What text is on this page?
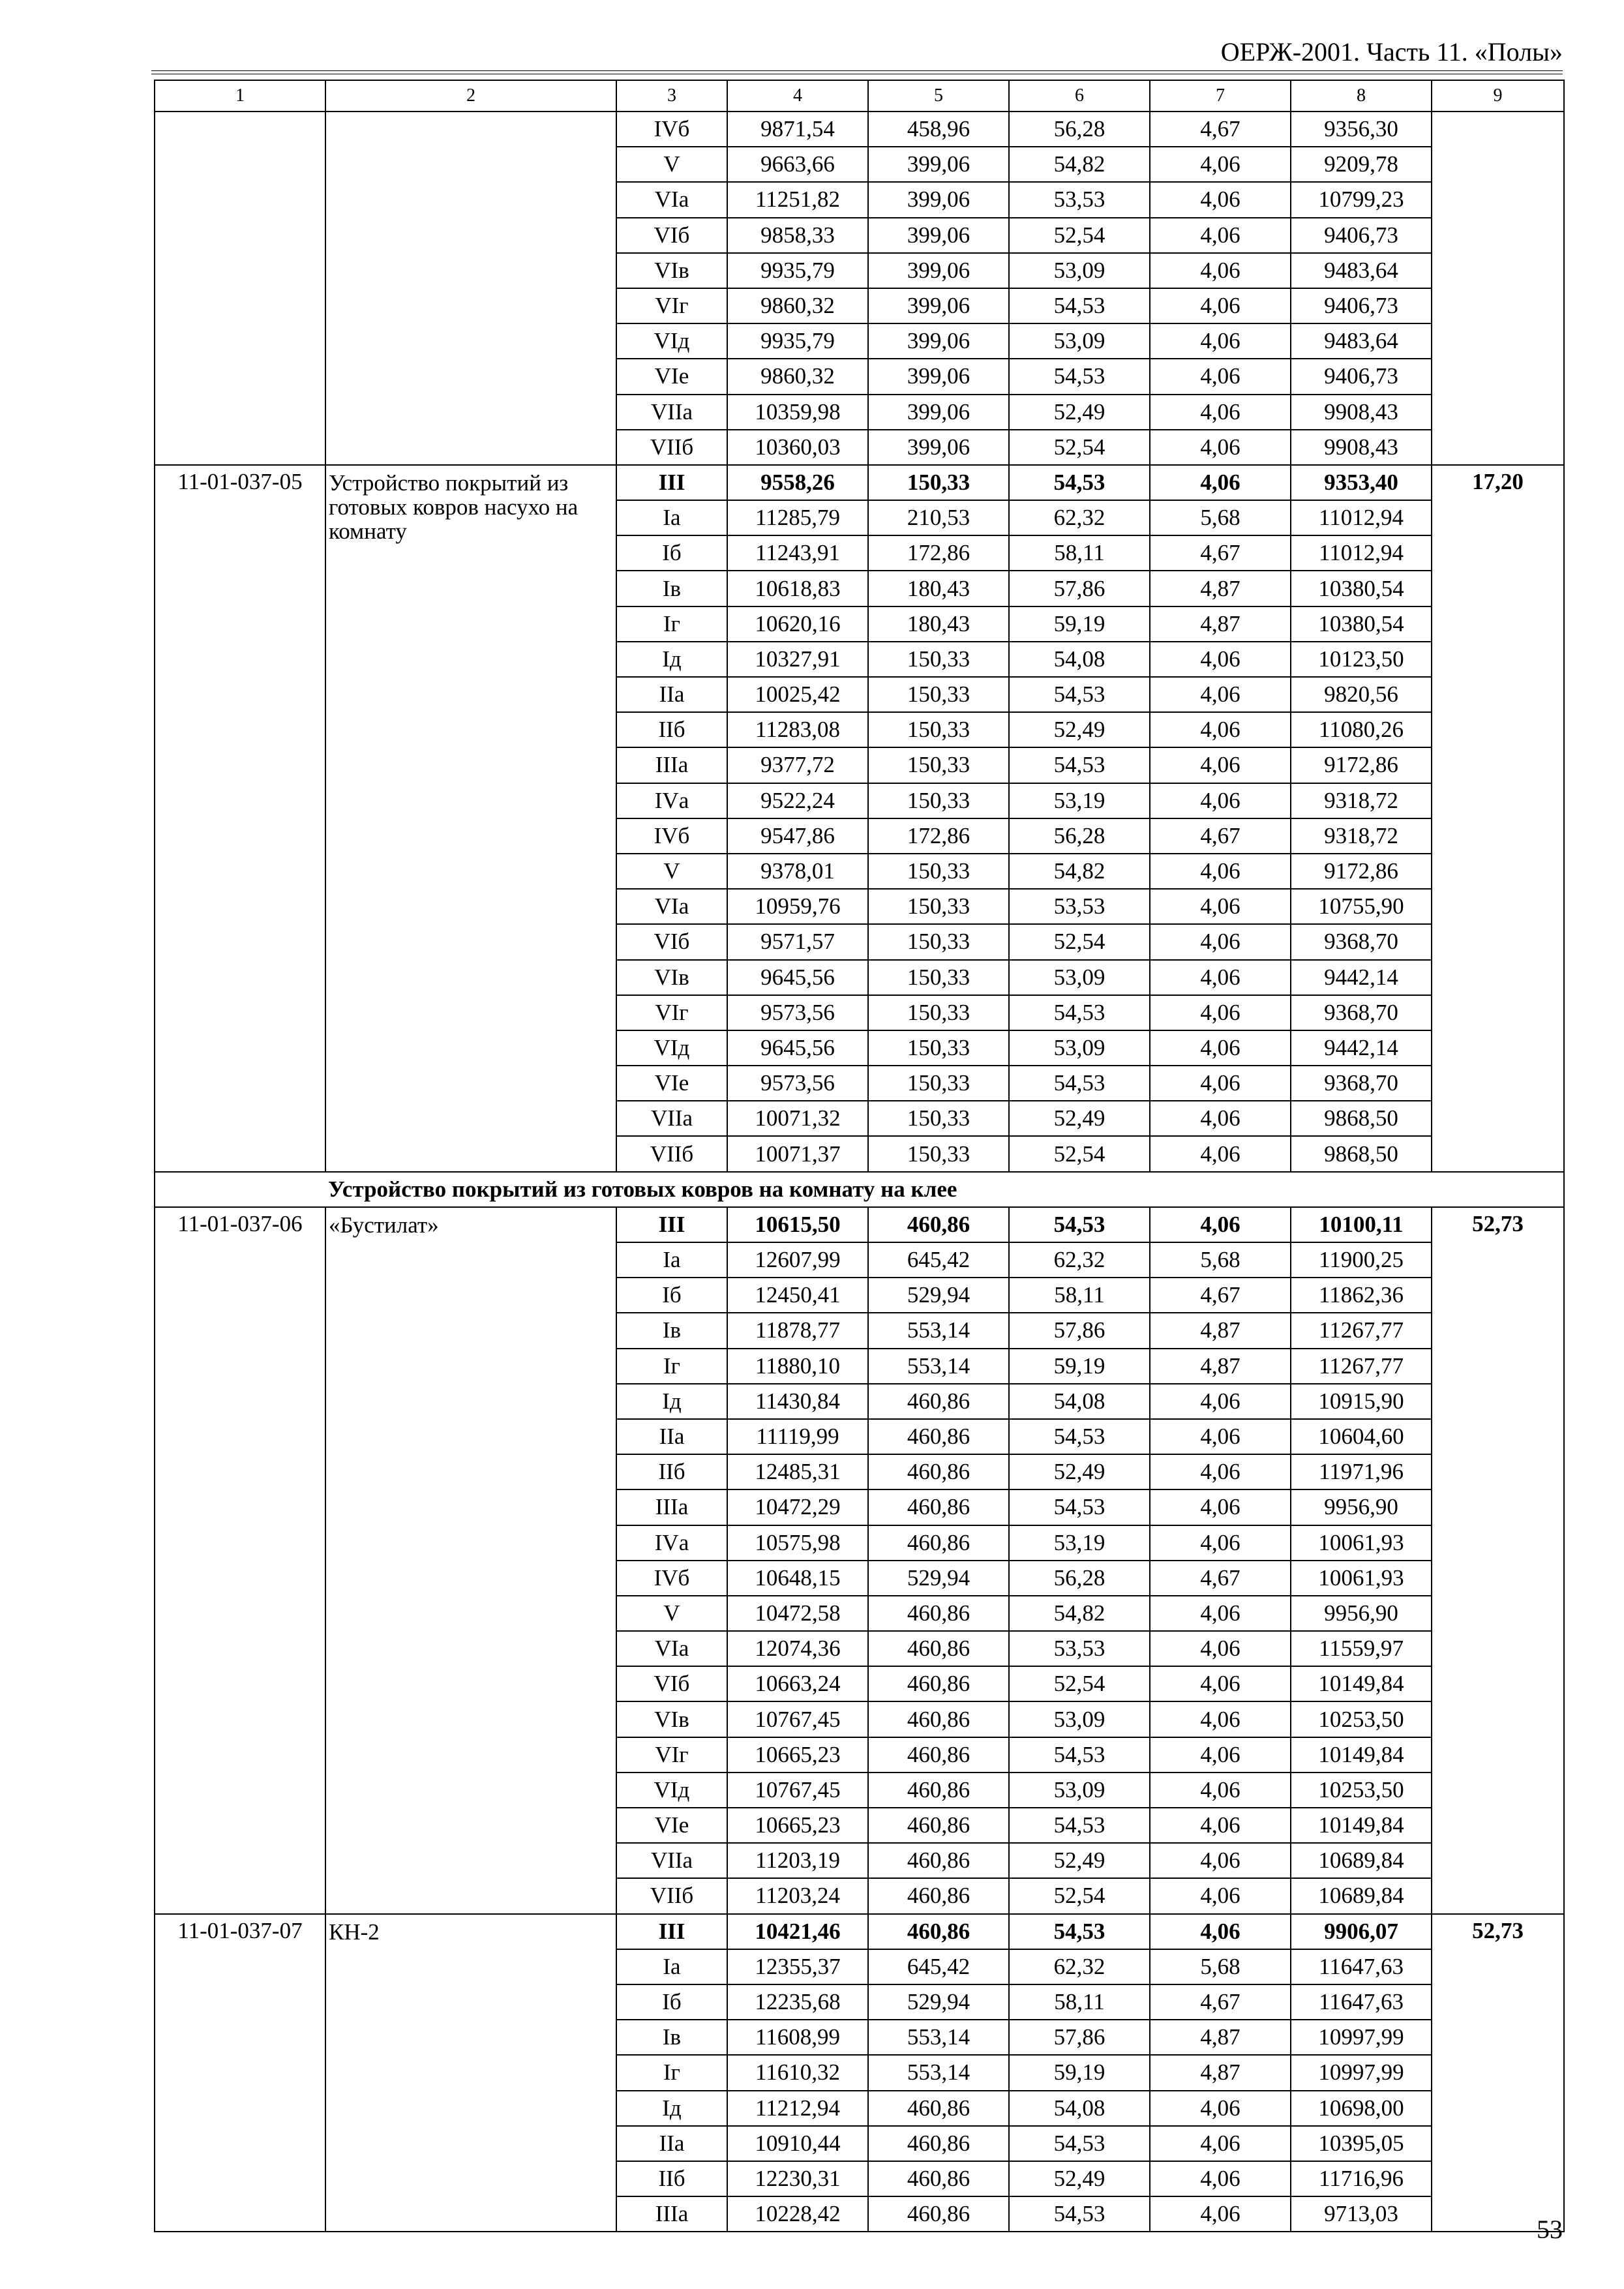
ОЕРЖ-2001. Часть 11. «Полы»
1	2	3	4	5	6	7	8	9
		IVб	9871,54	458,96	56,28	4,67	9356,30	
		V	9663,66	399,06	54,82	4,06	9209,78	
		VIа	11251,82	399,06	53,53	4,06	10799,23	
		VIб	9858,33	399,06	52,54	4,06	9406,73	
		VIв	9935,79	399,06	53,09	4,06	9483,64	
		VIг	9860,32	399,06	54,53	4,06	9406,73	
		VIд	9935,79	399,06	53,09	4,06	9483,64	
		VIе	9860,32	399,06	54,53	4,06	9406,73	
		VIIа	10359,98	399,06	52,49	4,06	9908,43	
		VIIб	10360,03	399,06	52,54	4,06	9908,43	
11-01-037-05	Устройство покрытий из готовых ковров насухо на комнату	III	9558,26	150,33	54,53	4,06	9353,40	17,20
		Iа	11285,79	210,53	62,32	5,68	11012,94	
		Iб	11243,91	172,86	58,11	4,67	11012,94	
		Iв	10618,83	180,43	57,86	4,87	10380,54	
		Iг	10620,16	180,43	59,19	4,87	10380,54	
		Iд	10327,91	150,33	54,08	4,06	10123,50	
		IIа	10025,42	150,33	54,53	4,06	9820,56	
		IIб	11283,08	150,33	52,49	4,06	11080,26	
		IIIа	9377,72	150,33	54,53	4,06	9172,86	
		IVа	9522,24	150,33	53,19	4,06	9318,72	
		IVб	9547,86	172,86	56,28	4,67	9318,72	
		V	9378,01	150,33	54,82	4,06	9172,86	
		VIа	10959,76	150,33	53,53	4,06	10755,90	
		VIб	9571,57	150,33	52,54	4,06	9368,70	
		VIв	9645,56	150,33	53,09	4,06	9442,14	
		VIг	9573,56	150,33	54,53	4,06	9368,70	
		VIд	9645,56	150,33	53,09	4,06	9442,14	
		VIе	9573,56	150,33	54,53	4,06	9368,70	
		VIIа	10071,32	150,33	52,49	4,06	9868,50	
		VIIб	10071,37	150,33	52,54	4,06	9868,50	
	Устройство покрытий из готовых ковров на комнату на клее							
11-01-037-06	«Бустилат»	III	10615,50	460,86	54,53	4,06	10100,11	52,73
		Iа	12607,99	645,42	62,32	5,68	11900,25	
		Iб	12450,41	529,94	58,11	4,67	11862,36	
		Iв	11878,77	553,14	57,86	4,87	11267,77	
		Iг	11880,10	553,14	59,19	4,87	11267,77	
		Iд	11430,84	460,86	54,08	4,06	10915,90	
		IIа	11119,99	460,86	54,53	4,06	10604,60	
		IIб	12485,31	460,86	52,49	4,06	11971,96	
		IIIа	10472,29	460,86	54,53	4,06	9956,90	
		IVа	10575,98	460,86	53,19	4,06	10061,93	
		IVб	10648,15	529,94	56,28	4,67	10061,93	
		V	10472,58	460,86	54,82	4,06	9956,90	
		VIа	12074,36	460,86	53,53	4,06	11559,97	
		VIб	10663,24	460,86	52,54	4,06	10149,84	
		VIв	10767,45	460,86	53,09	4,06	10253,50	
		VIг	10665,23	460,86	54,53	4,06	10149,84	
		VIд	10767,45	460,86	53,09	4,06	10253,50	
		VIе	10665,23	460,86	54,53	4,06	10149,84	
		VIIа	11203,19	460,86	52,49	4,06	10689,84	
		VIIб	11203,24	460,86	52,54	4,06	10689,84	
11-01-037-07	КН-2	III	10421,46	460,86	54,53	4,06	9906,07	52,73
		Iа	12355,37	645,42	62,32	5,68	11647,63	
		Iб	12235,68	529,94	58,11	4,67	11647,63	
		Iв	11608,99	553,14	57,86	4,87	10997,99	
		Iг	11610,32	553,14	59,19	4,87	10997,99	
		Iд	11212,94	460,86	54,08	4,06	10698,00	
		IIа	10910,44	460,86	54,53	4,06	10395,05	
		IIб	12230,31	460,86	52,49	4,06	11716,96	
		IIIа	10228,42	460,86	54,53	4,06	9713,03	
53
